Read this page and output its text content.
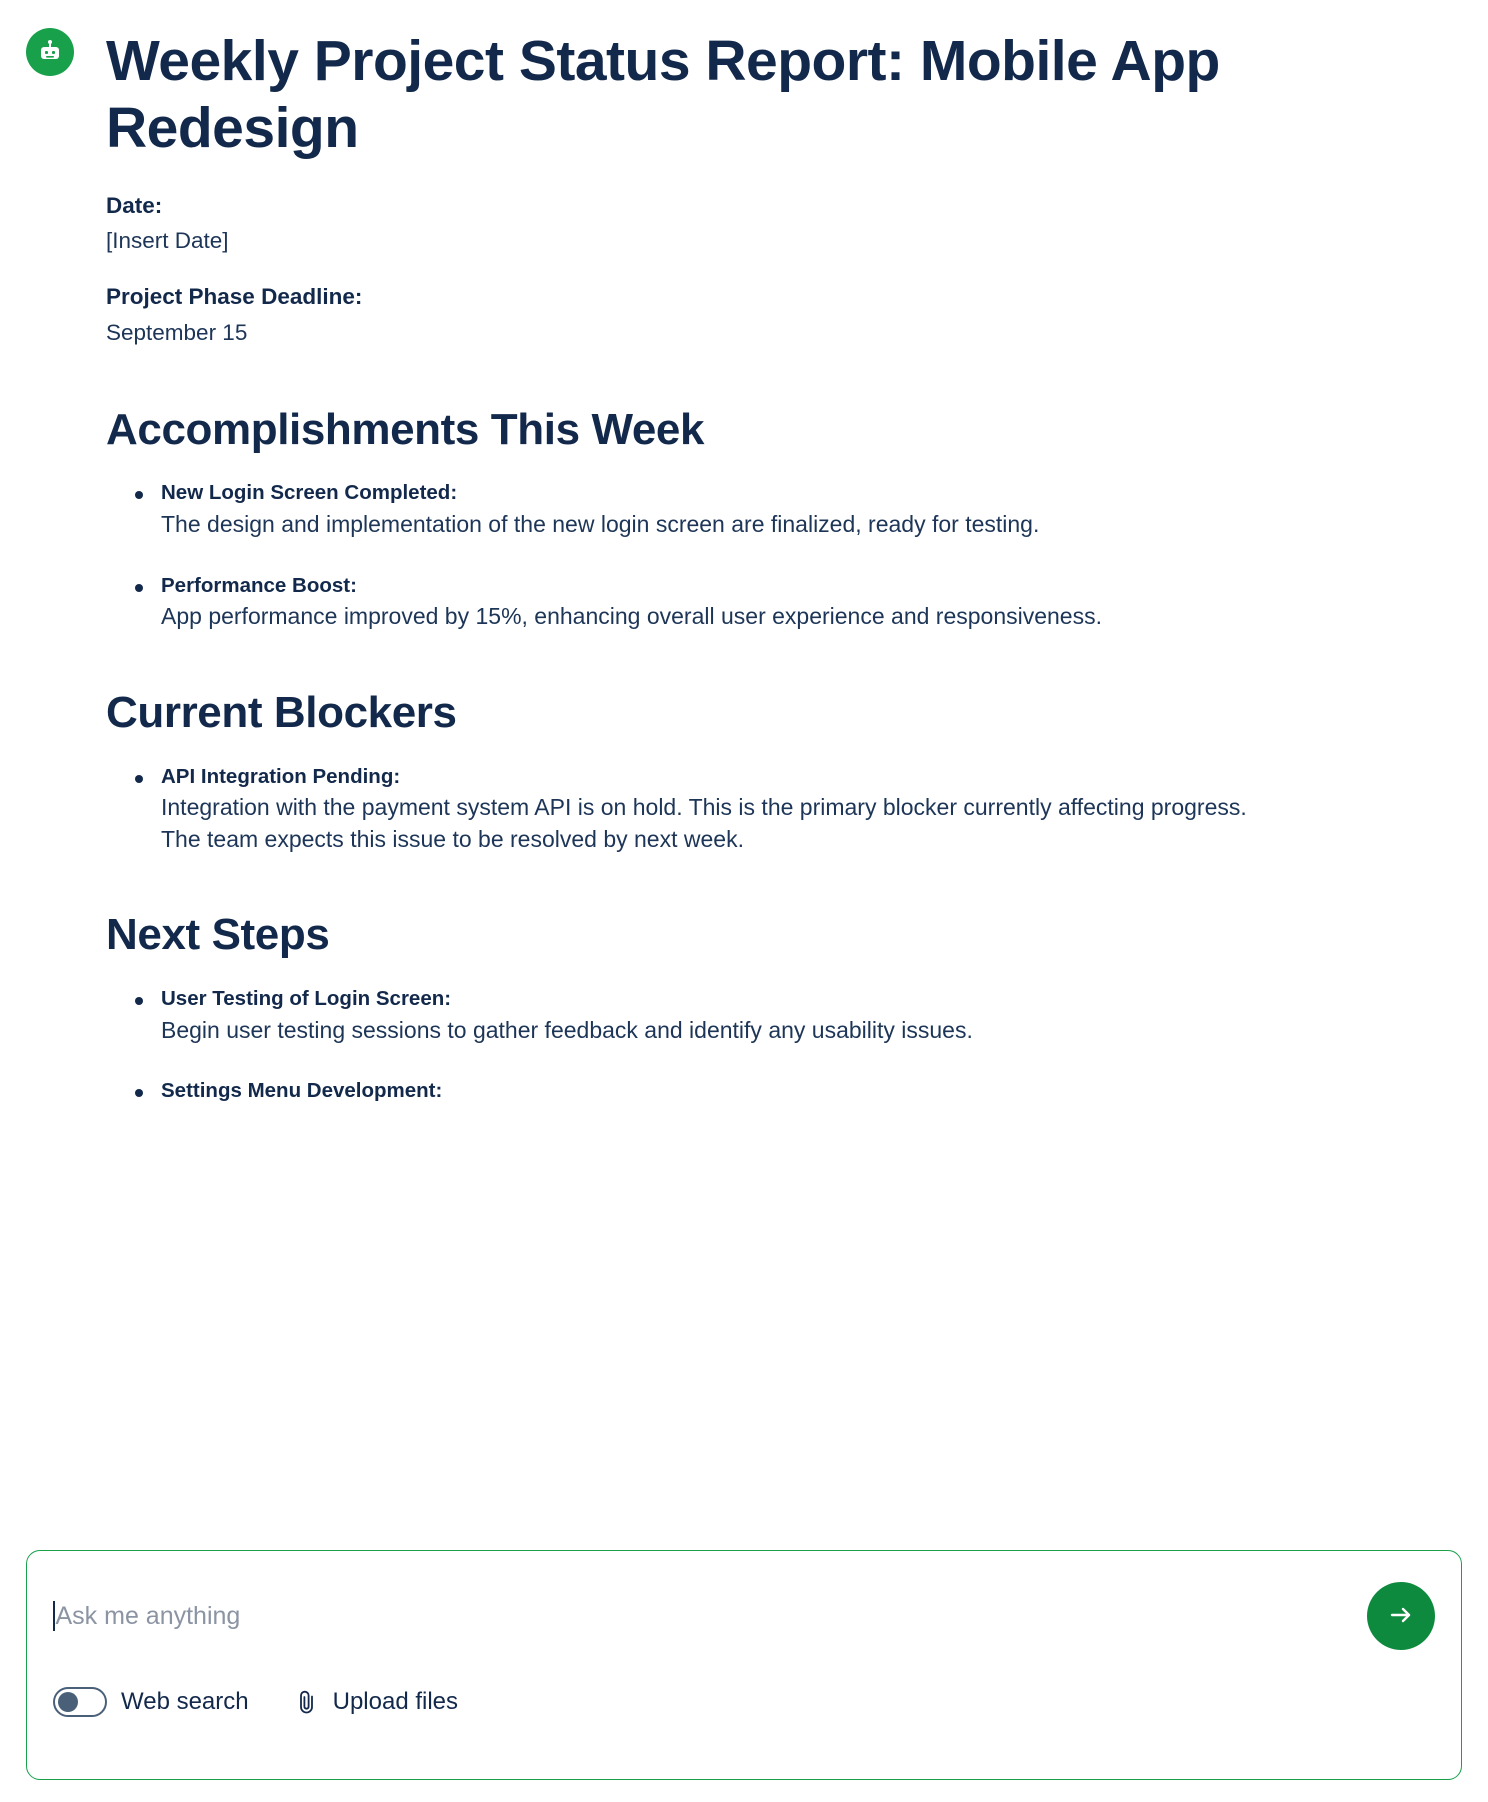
Weekly Project Status Report: Mobile App Redesign
Date:
[Insert Date]
Project Phase Deadline:
September 15
Accomplishments This Week
New Login Screen Completed:
The design and implementation of the new login screen are finalized, ready for testing.
Performance Boost:
App performance improved by 15%, enhancing overall user experience and responsiveness.
Current Blockers
API Integration Pending:
Integration with the payment system API is on hold. This is the primary blocker currently affecting progress. The team expects this issue to be resolved by next week.
Next Steps
User Testing of Login Screen:
Begin user testing sessions to gather feedback and identify any usability issues.
Settings Menu Development:
Ask me anything
Web search	Upload files
